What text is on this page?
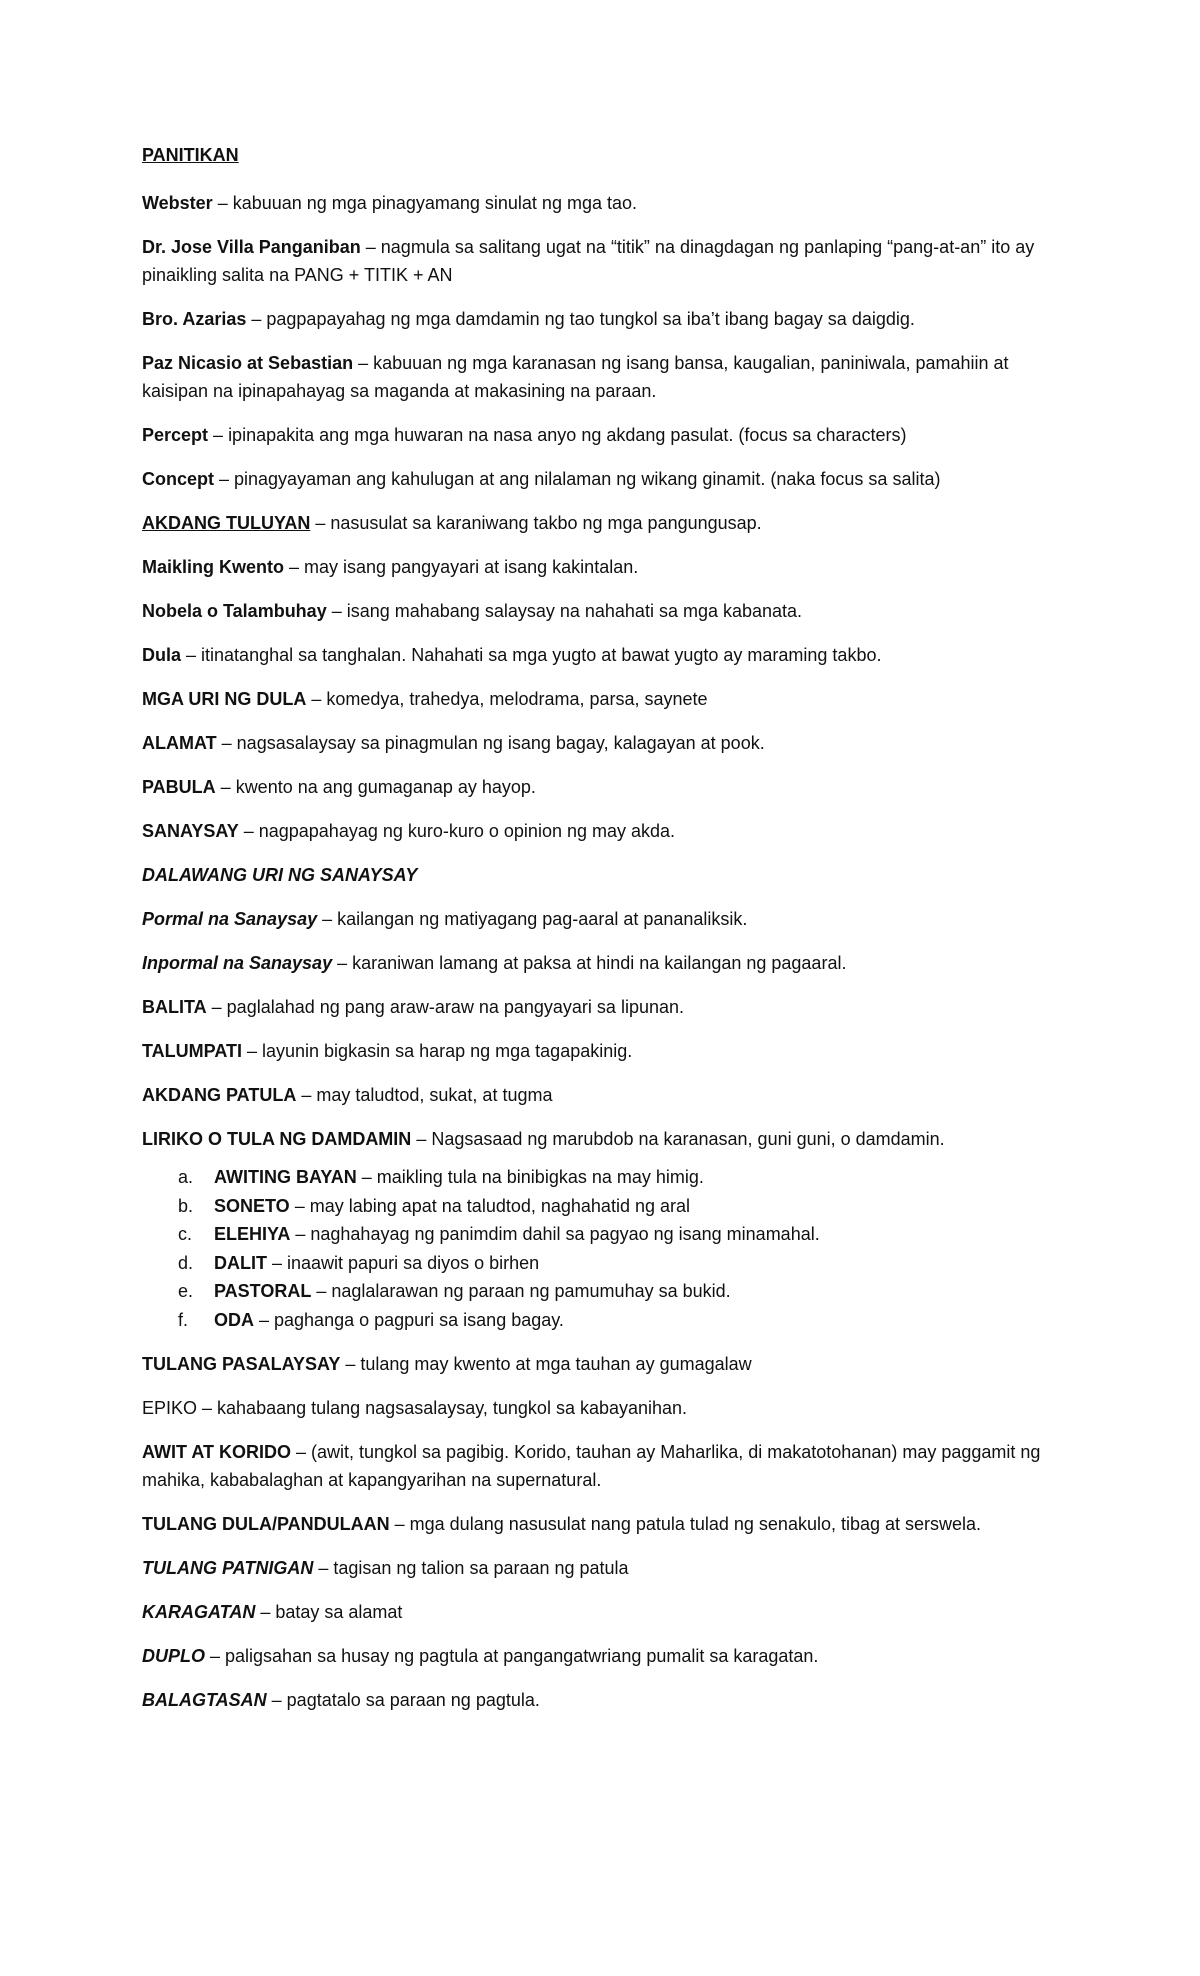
PANITIKAN

Webster – kabuuan ng mga pinagyamang sinulat ng mga tao.

Dr. Jose Villa Panganiban – nagmula sa salitang ugat na “titik” na dinagdagan ng panlaping “pang-at-an” ito ay pinaikling salita na PANG + TITIK + AN

Bro. Azarias – pagpapayahag ng mga damdamin ng tao tungkol sa iba’t ibang bagay sa daigdig.

Paz Nicasio at Sebastian – kabuuan ng mga karanasan ng isang bansa, kaugalian, paniniwala, pamahiin at kaisipan na ipinapahayag sa maganda at makasining na paraan.

Percept – ipinapakita ang mga huwaran na nasa anyo ng akdang pasulat. (focus sa characters)

Concept – pinagyayaman ang kahulugan at ang nilalaman ng wikang ginamit. (naka focus sa salita)

AKDANG TULUYAN – nasusulat sa karaniwang takbo ng mga pangungusap.

Maikling Kwento – may isang pangyayari at isang kakintalan.

Nobela o Talambuhay – isang mahabang salaysay na nahahati sa mga kabanata.

Dula – itinatanghal sa tanghalan. Nahahati sa mga yugto at bawat yugto ay maraming takbo.

MGA URI NG DULA – komedya, trahedya, melodrama, parsa, saynete

ALAMAT – nagsasalaysay sa pinagmulan ng isang bagay, kalagayan at pook.

PABULA – kwento na ang gumaganap ay hayop.

SANAYSAY – nagpapahayag ng kuro-kuro o opinion ng may akda.

DALAWANG URI NG SANAYSAY

Pormal na Sanaysay – kailangan ng matiyagang pag-aaral at pananaliksik.

Inpormal na Sanaysay – karaniwan lamang at paksa at hindi na kailangan ng pagaaral.

BALITA – paglalahad ng pang araw-araw na pangyayari sa lipunan.

TALUMPATI – layunin bigkasin sa harap ng mga tagapakinig.

AKDANG PATULA – may taludtod, sukat, at tugma

LIRIKO O TULA NG DAMDAMIN – Nagsasaad ng marubdob na karanasan, guni guni, o damdamin.

a.	AWITING BAYAN – maikling tula na binibigkas na may himig.
b.	SONETO – may labing apat na taludtod, naghahatid ng aral
c.	ELEHIYA – naghahayag ng panimdim dahil sa pagyao ng isang minamahal.
d.	DALIT – inaawit papuri sa diyos o birhen
e.	PASTORAL – naglalarawan ng paraan ng pamumuhay sa bukid.
f.	ODA – paghanga o pagpuri sa isang bagay.

TULANG PASALAYSAY – tulang may kwento at mga tauhan ay gumagalaw

EPIKO – kahabaang tulang nagsasalaysay, tungkol sa kabayanihan.

AWIT AT KORIDO – (awit, tungkol sa pagibig. Korido, tauhan ay Maharlika, di makatotohanan) may paggamit ng mahika, kababalaghan at kapangyarihan na supernatural.

TULANG DULA/PANDULAAN – mga dulang nasusulat nang patula tulad ng senakulo, tibag at serswela.

TULANG PATNIGAN – tagisan ng talion sa paraan ng patula

KARAGATAN – batay sa alamat

DUPLO – paligsahan sa husay ng pagtula at pangangatwriang pumalit sa karagatan.

BALAGTASAN – pagtatalo sa paraan ng pagtula.
